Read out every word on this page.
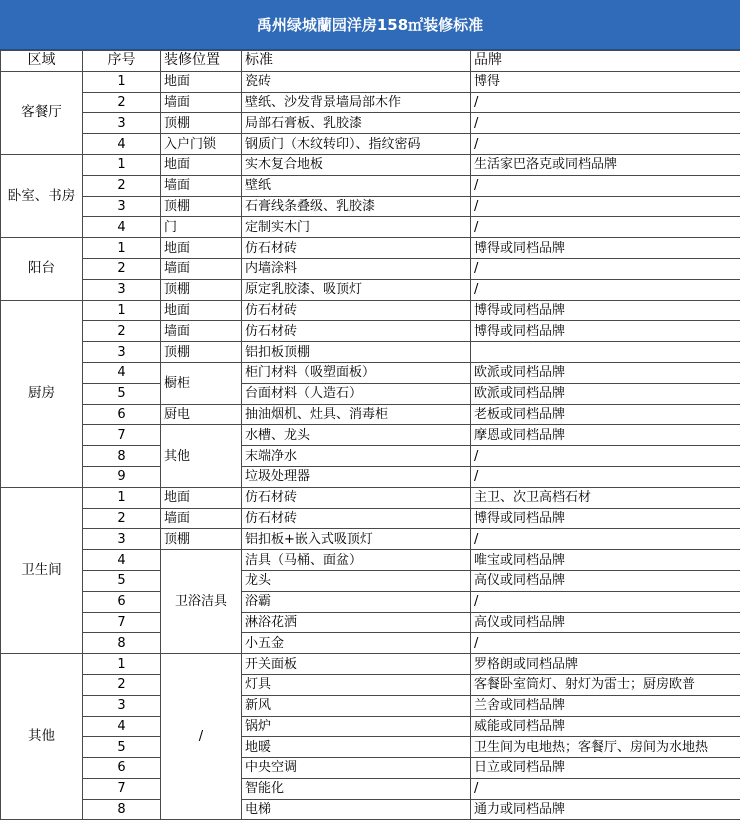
禹州绿城蘭园洋房158㎡装修标准
区域	序号	装修位置	标准	品牌
客餐厅	1	地面	瓷砖	博得
	2	墙面	壁纸、沙发背景墙局部木作	/
	3	顶棚	局部石膏板、乳胶漆	/
	4	入户门锁	钢质门（木纹转印）、指纹密码	/
卧室、书房	1	地面	实木复合地板	生活家巴洛克或同档品牌
	2	墙面	壁纸	/
	3	顶棚	石膏线条叠级、乳胶漆	/
	4	门	定制实木门	/
阳台	1	地面	仿石材砖	博得或同档品牌
	2	墙面	内墙涂料	/
	3	顶棚	原定乳胶漆、吸顶灯	/
厨房	1	地面	仿石材砖	博得或同档品牌
	2	墙面	仿石材砖	博得或同档品牌
	3	顶棚	铝扣板顶棚	
	4	橱柜	柜门材料（吸塑面板）	欧派或同档品牌
	5		台面材料（人造石）	欧派或同档品牌
	6	厨电	抽油烟机、灶具、消毒柜	老板或同档品牌
	7	其他	水槽、龙头	摩恩或同档品牌
	8		末端净水	/
	9		垃圾处理器	/
卫生间	1	地面	仿石材砖	主卫、次卫高档石材
	2	墙面	仿石材砖	博得或同档品牌
	3	顶棚	铝扣板+嵌入式吸顶灯	/
	4	卫浴洁具	洁具（马桶、面盆）	唯宝或同档品牌
	5		龙头	高仪或同档品牌
	6		浴霸	/
	7		淋浴花洒	高仪或同档品牌
	8		小五金	/
其他	1	/	开关面板	罗格朗或同档品牌
	2		灯具	客餐卧室筒灯、射灯为雷士；厨房欧普
	3		新风	兰舍或同档品牌
	4		锅炉	威能或同档品牌
	5		地暖	卫生间为电地热；客餐厅、房间为水地热
	6		中央空调	日立或同档品牌
	7		智能化	/
	8		电梯	通力或同档品牌
